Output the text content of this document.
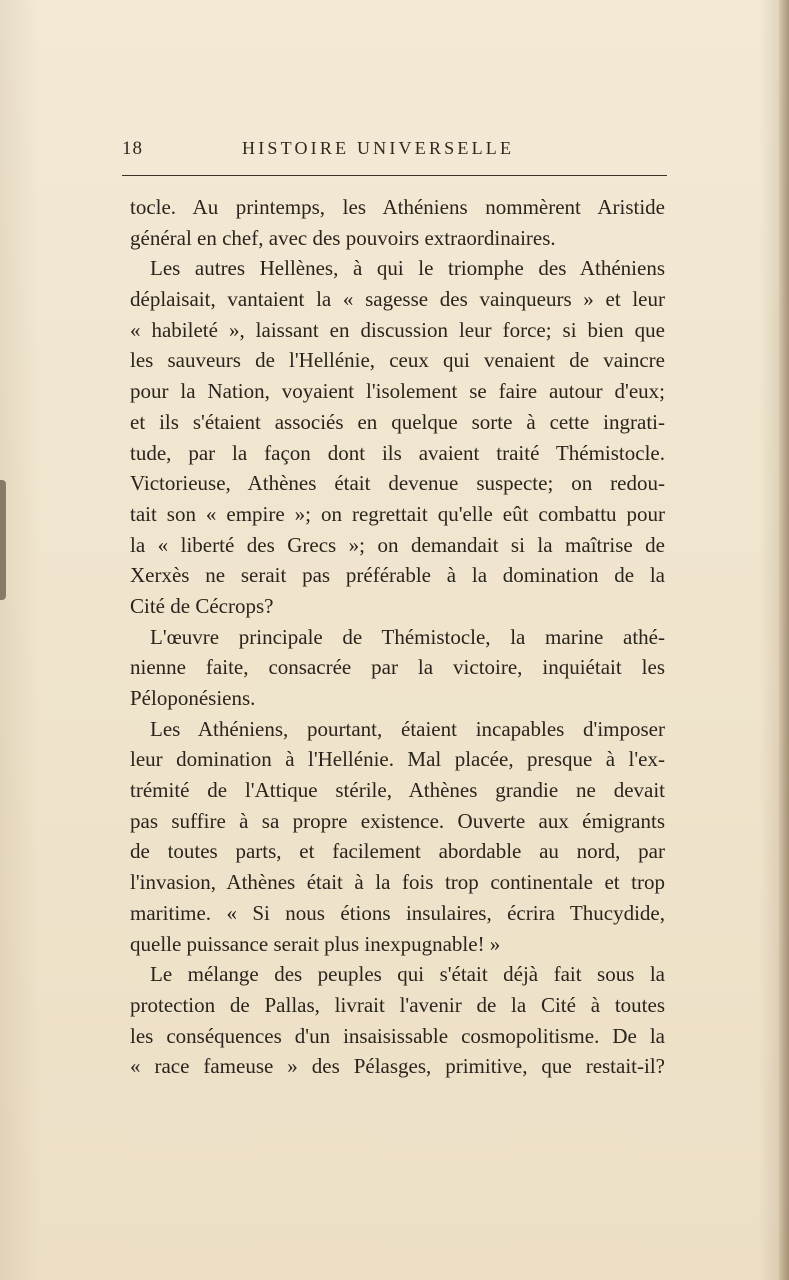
18	HISTOIRE UNIVERSELLE
tocle. Au printemps, les Athéniens nommèrent Aristide
général en chef, avec des pouvoirs extraordinaires.
Les autres Hellènes, à qui le triomphe des Athéniens
déplaisait, vantaient la « sagesse des vainqueurs » et leur
« habileté », laissant en discussion leur force; si bien que
les sauveurs de l'Hellénie, ceux qui venaient de vaincre
pour la Nation, voyaient l'isolement se faire autour d'eux;
et ils s'étaient associés en quelque sorte à cette ingrati-
tude, par la façon dont ils avaient traité Thémistocle.
Victorieuse, Athènes était devenue suspecte; on redou-
tait son « empire »; on regrettait qu'elle eût combattu pour
la « liberté des Grecs »; on demandait si la maîtrise de
Xerxès ne serait pas préférable à la domination de la
Cité de Cécrops?
L'œuvre principale de Thémistocle, la marine athé-
nienne faite, consacrée par la victoire, inquiétait les
Péloponésiens.
Les Athéniens, pourtant, étaient incapables d'imposer
leur domination à l'Hellénie. Mal placée, presque à l'ex-
trémité de l'Attique stérile, Athènes grandie ne devait
pas suffire à sa propre existence. Ouverte aux émigrants
de toutes parts, et facilement abordable au nord, par
l'invasion, Athènes était à la fois trop continentale et trop
maritime. « Si nous étions insulaires, écrira Thucydide,
quelle puissance serait plus inexpugnable! »
Le mélange des peuples qui s'était déjà fait sous la
protection de Pallas, livrait l'avenir de la Cité à toutes
les conséquences d'un insaisissable cosmopolitisme. De la
« race fameuse » des Pélasges, primitive, que restait-il?
